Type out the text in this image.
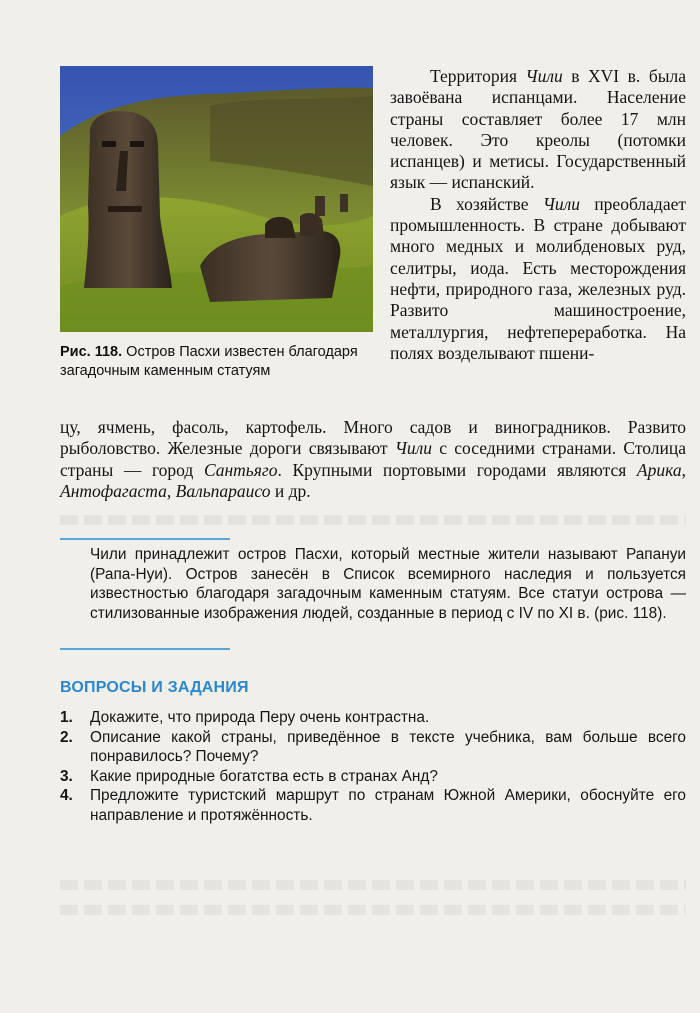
Рис. 118. Остров Пасхи известен благодаря загадочным каменным статуям

Территория Чили в XVI в. была завоёвана испанцами. Население страны составляет более 17 млн человек. Это креолы (потомки испанцев) и метисы. Государственный язык — испанский.

В хозяйстве Чили преобладает промышленность. В стране добывают много медных и молибденовых руд, селитры, иода. Есть месторождения нефти, природного газа, железных руд. Развито машиностроение, металлургия, нефтепереработка. На полях возделывают пшени-

цу, ячмень, фасоль, картофель. Много садов и виноградников. Развито рыболовство. Железные дороги связывают Чили с соседними странами. Столица страны — город Сантьяго. Крупными портовыми городами являются Арика, Антофагаста, Вальпараисо и др.

Чили принадлежит остров Пасхи, который местные жители называют Рапануи (Рапа-Нуи). Остров занесён в Список всемирного наследия и пользуется известностью благодаря загадочным каменным статуям. Все статуи острова — стилизованные изображения людей, созданные в период с IV по XI в. (рис. 118).

ВОПРОСЫ И ЗАДАНИЯ
1.	Докажите, что природа Перу очень контрастна.
2.	Описание какой страны, приведённое в тексте учебника, вам больше всего понравилось? Почему?
3.	Какие природные богатства есть в странах Анд?
4.	Предложите туристский маршрут по странам Южной Америки, обоснуйте его направление и протяжённость.
